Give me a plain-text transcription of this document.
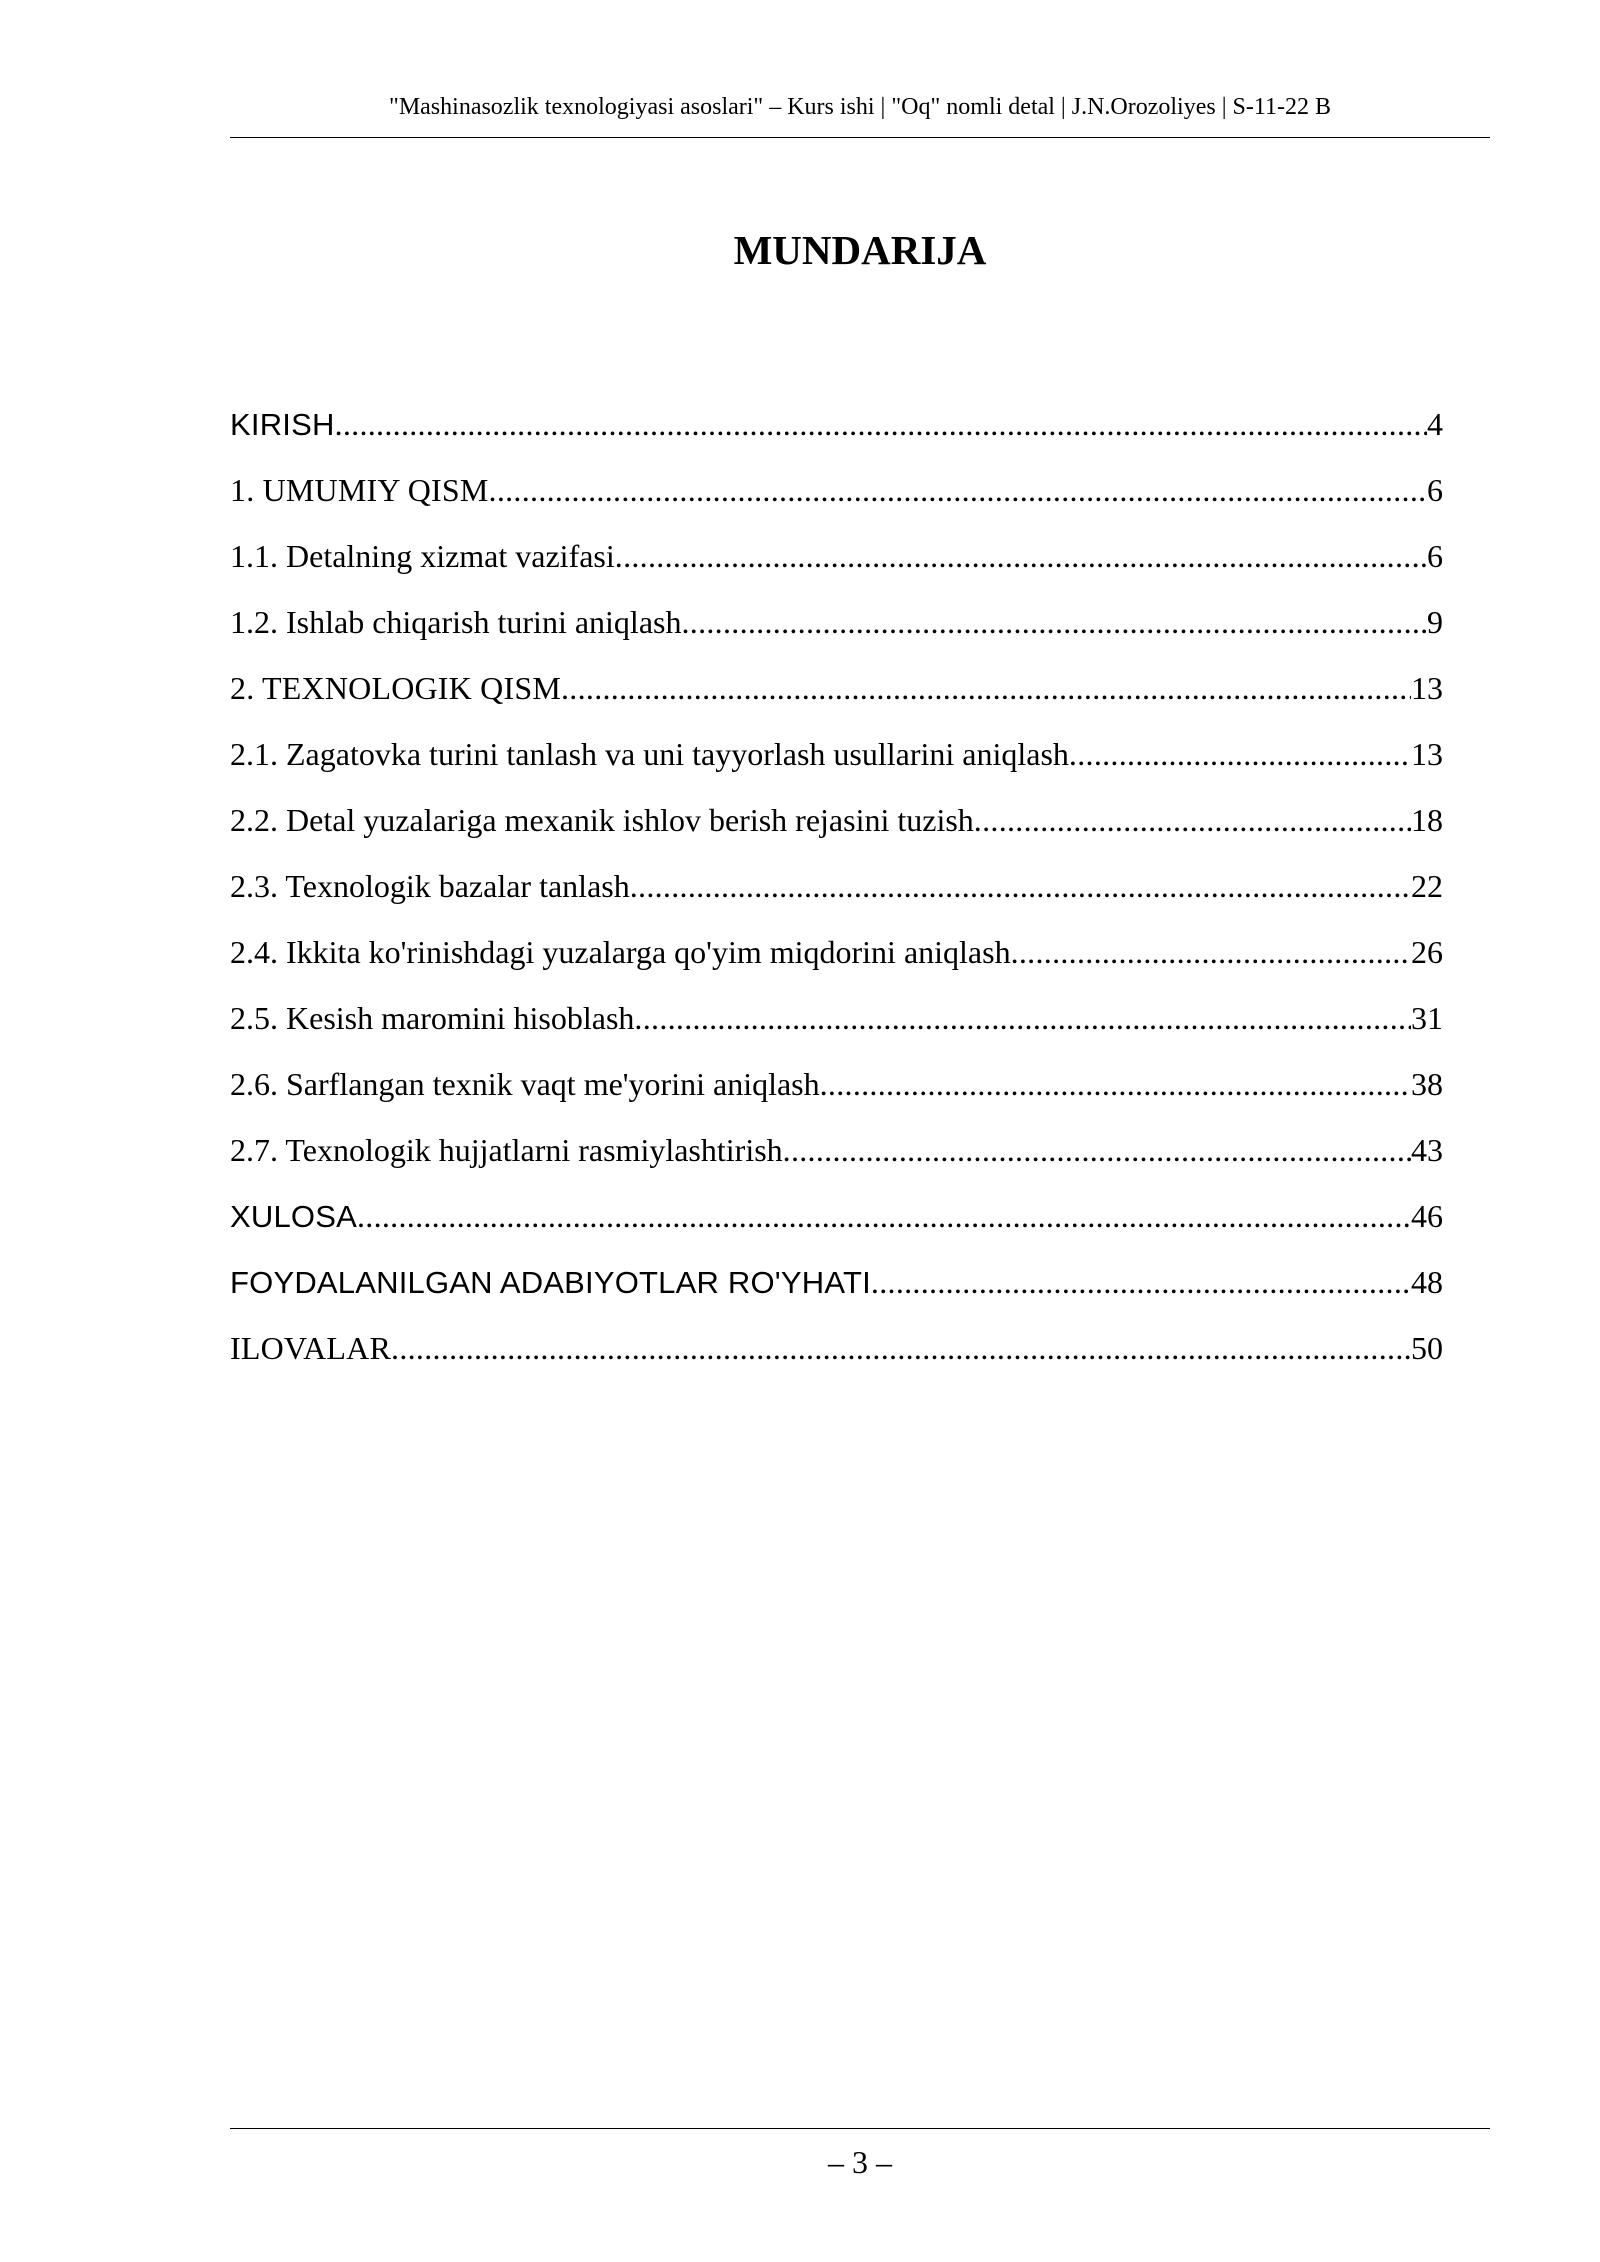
"Mashinasozlik texnologiyasi asoslari" – Kurs ishi | "Oq" nomli detal | J.N.Orozoliyes | S-11-22 B
MUNDARIJA
KIRISH .....	4
1. UMUMIY QISM .....	6
1.1. Detalning xizmat vazifasi .....	6
1.2. Ishlab chiqarish turini aniqlash .....	9
2. TEXNOLOGIK QISM .....	13
2.1. Zagatovka turini tanlash va uni tayyorlash usullarini aniqlash .....	13
2.2. Detal yuzalariga mexanik ishlov berish rejasini tuzish .....	18
2.3. Texnologik bazalar tanlash .....	22
2.4. Ikkita ko'rinishdagi yuzalarga qo'yim miqdorini aniqlash .....	26
2.5. Kesish maromini hisoblash .....	31
2.6. Sarflangan texnik vaqt me'yorini aniqlash .....	38
2.7. Texnologik hujjatlarni rasmiylashtirish .....	43
XULOSA .....	46
FOYDALANILGAN ADABIYOTLAR RO'YHATI .....	48
ILOVALAR .....	50
– 3 –
